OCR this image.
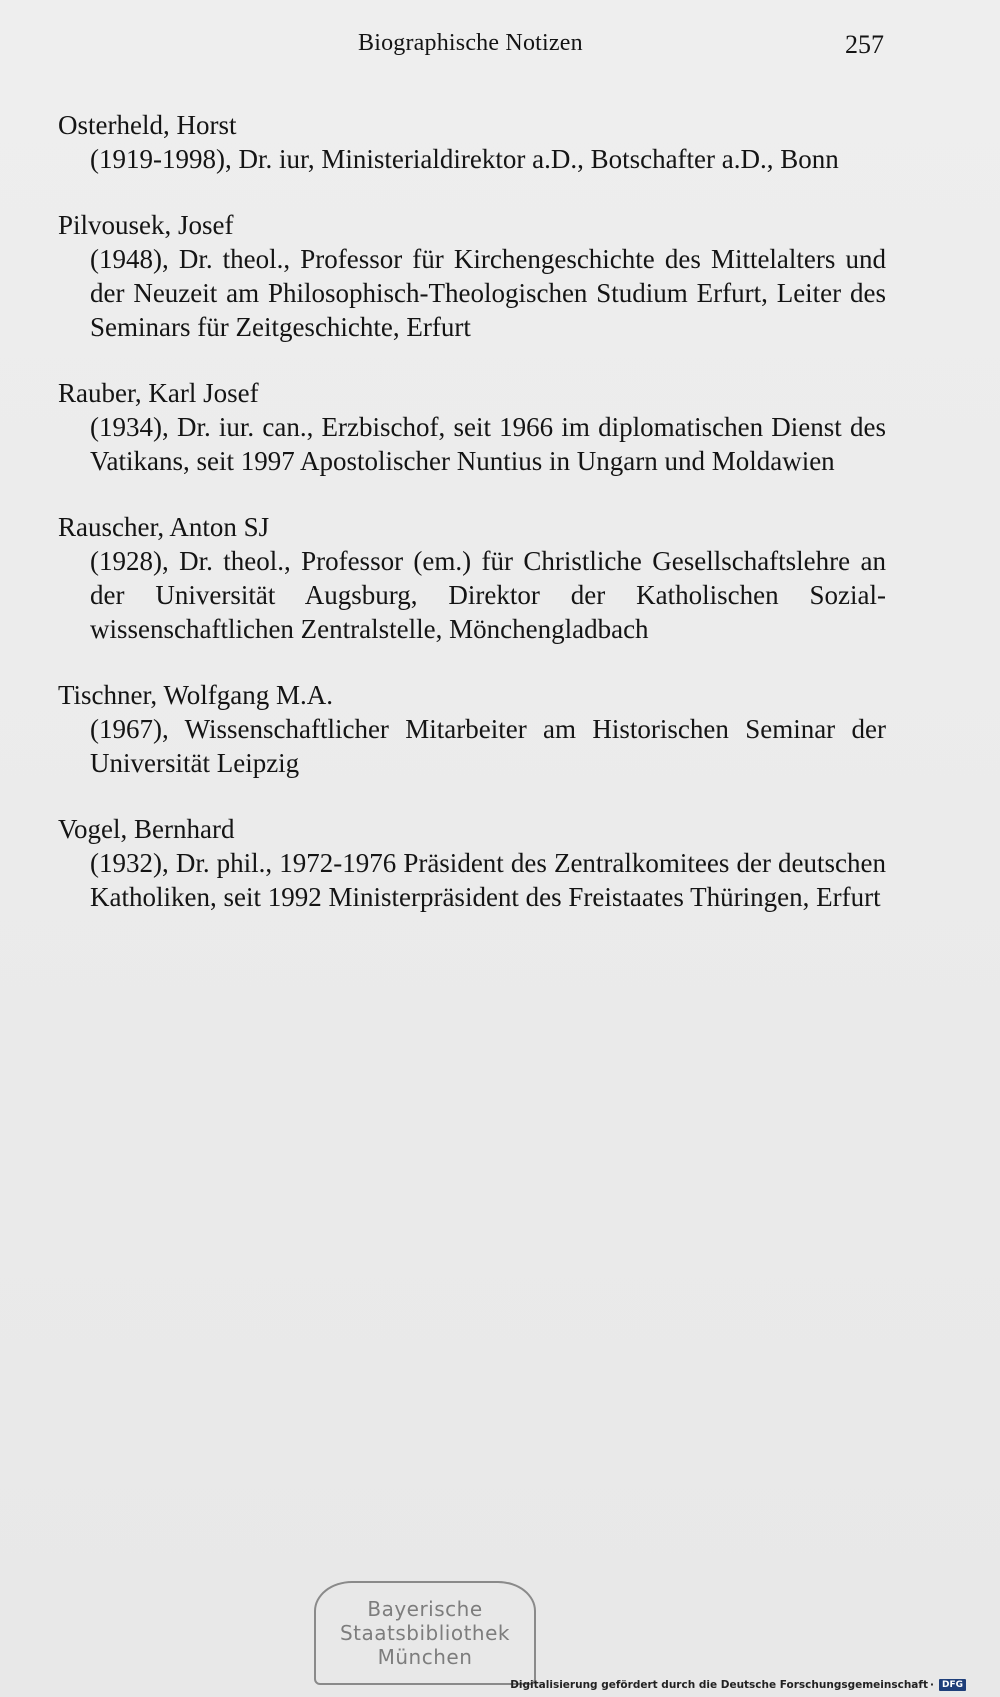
Biographische Notizen	257

Osterheld, Horst

(1919-1998), Dr. iur, Ministerialdirektor a.D., Botschafter a.D., Bonn

Pilvousek, Josef

(1948), Dr. theol., Professor für Kirchengeschichte des Mittelalters und der Neuzeit am Philosophisch-Theologischen Studium Erfurt, Leiter des Seminars für Zeitgeschichte, Erfurt

Rauber, Karl Josef

(1934), Dr. iur. can., Erzbischof, seit 1966 im diplomatischen Dienst des Vatikans, seit 1997 Apostolischer Nuntius in Ungarn und Moldawien

Rauscher, Anton SJ

(1928), Dr. theol., Professor (em.) für Christliche Gesellschaftslehre an der Universität Augsburg, Direktor der Katholischen Sozialwissenschaftlichen Zentralstelle, Mönchengladbach

Tischner, Wolfgang M.A.

(1967), Wissenschaftlicher Mitarbeiter am Historischen Seminar der Universität Leipzig

Vogel, Bernhard

(1932), Dr. phil., 1972-1976 Präsident des Zentralkomitees der deutschen Katholiken, seit 1992 Ministerpräsident des Freistaates Thüringen, Erfurt

Bayerische
Staatsbibliothek
München
Digitalisierung gefördert durch die Deutsche Forschungsgemeinschaft · DFG
